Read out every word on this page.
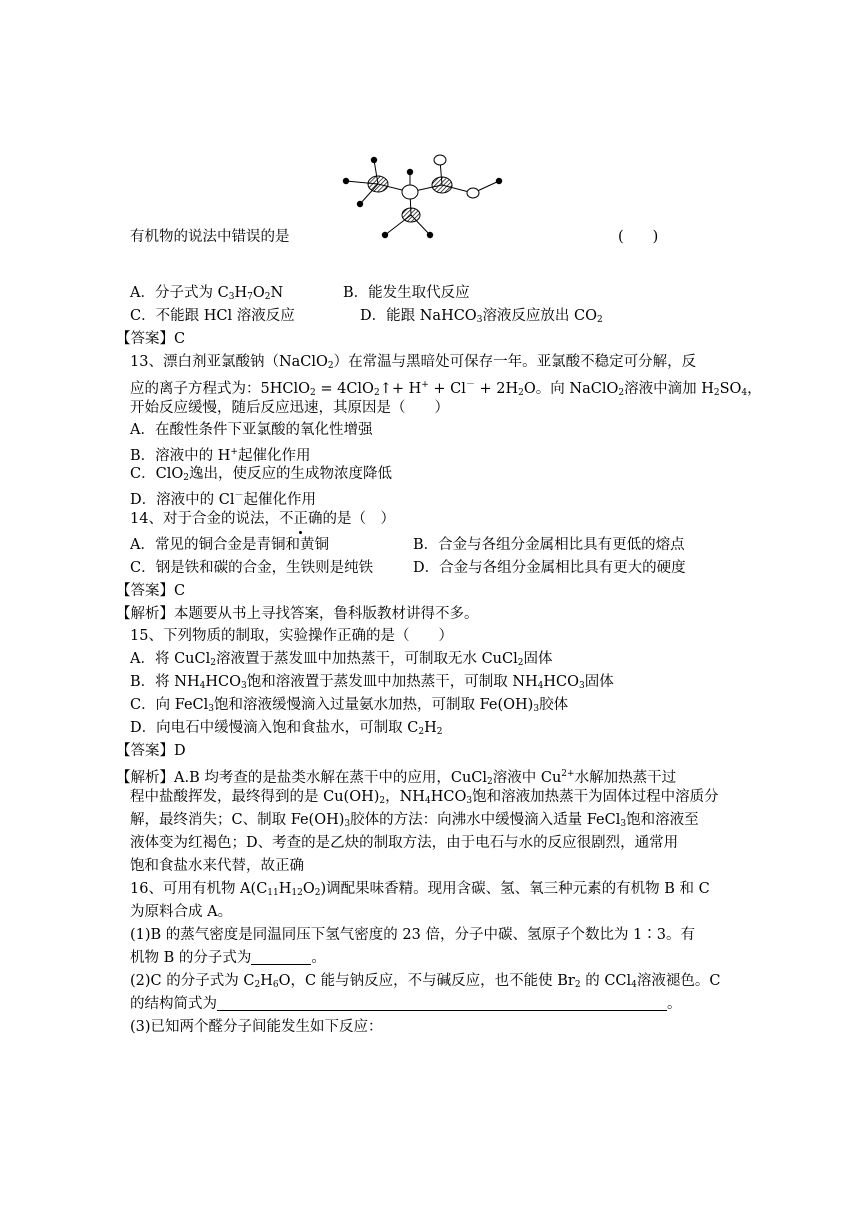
有机物的说法中错误的是	(　　)
A．分子式为 $C_3H_7O_2N$	B．能发生取代反应
C．不能跟 HCl 溶液反应	D．能跟 NaHCO$_3$溶液反应放出 $CO_2$
【答案】C
13、漂白剂亚氯酸钠（NaClO$_2$）在常温与黑暗处可保存一年。亚氯酸不稳定可分解，反
应的离子方程式为：5HClO$_2$ = 4ClO$_2$↑+ $H^+ + Cl^- + 2H_2O$。向 NaClO$_2$溶液中滴加 $H_2SO_4$，
开始反应缓慢，随后反应迅速，其原因是（　　）
A．在酸性条件下亚氯酸的氧化性增强
B．溶液中的 H+起催化作用
C．ClO$_2$逸出，使反应的生成物浓度降低
D．溶液中的 Cl－起催化作用
14、对于合金的说法，不正确的是（　）
A．常见的铜合金是青铜和黄铜	B．合金与各组分金属相比具有更低的熔点
C．钢是铁和碳的合金，生铁则是纯铁	D．合金与各组分金属相比具有更大的硬度
【答案】C
【解析】本题要从书上寻找答案，鲁科版教材讲得不多。
15、下列物质的制取，实验操作正确的是（　　）
A．将 CuCl$_2$溶液置于蒸发皿中加热蒸干，可制取无水 CuCl$_2$固体
B．将 $NH_4HCO_3$饱和溶液置于蒸发皿中加热蒸干，可制取 $NH_4HCO_3$固体
C．向 FeCl$_3$饱和溶液缓慢滴入过量氨水加热，可制取 $Fe(OH)_3$胶体
D．向电石中缓慢滴入饱和食盐水，可制取 $C_2H_2$
【答案】D
【解析】A.B 均考查的是盐类水解在蒸干中的应用，CuCl$_2$溶液中 $Cu^{2+}$水解加热蒸干过
程中盐酸挥发，最终得到的是 $Cu(OH)_2$，$NH_4HCO_3$饱和溶液加热蒸干为固体过程中溶质分
解，最终消失；C、制取 $Fe(OH)_3$胶体的方法：向沸水中缓慢滴入适量 FeCl$_3$饱和溶液至
液体变为红褐色；D、考查的是乙炔的制取方法，由于电石与水的反应很剧烈，通常用
饱和食盐水来代替，故正确
16、可用有机物 $A(C_{11}H_{12}O_2)$调配果味香精。现用含碳、氢、氧三种元素的有机物 B 和 C
为原料合成 A。
(1)B 的蒸气密度是同温同压下氢气密度的 23 倍，分子中碳、氢原子个数比为 1∶3。有
机物 B 的分子式为	。
(2)C 的分子式为 $C_2H_6O$，C 能与钠反应，不与碱反应，也不能使 $Br_2$ 的 CCl$_4$溶液褪色。C
的结构简式为	。
(3)已知两个醛分子间能发生如下反应：
